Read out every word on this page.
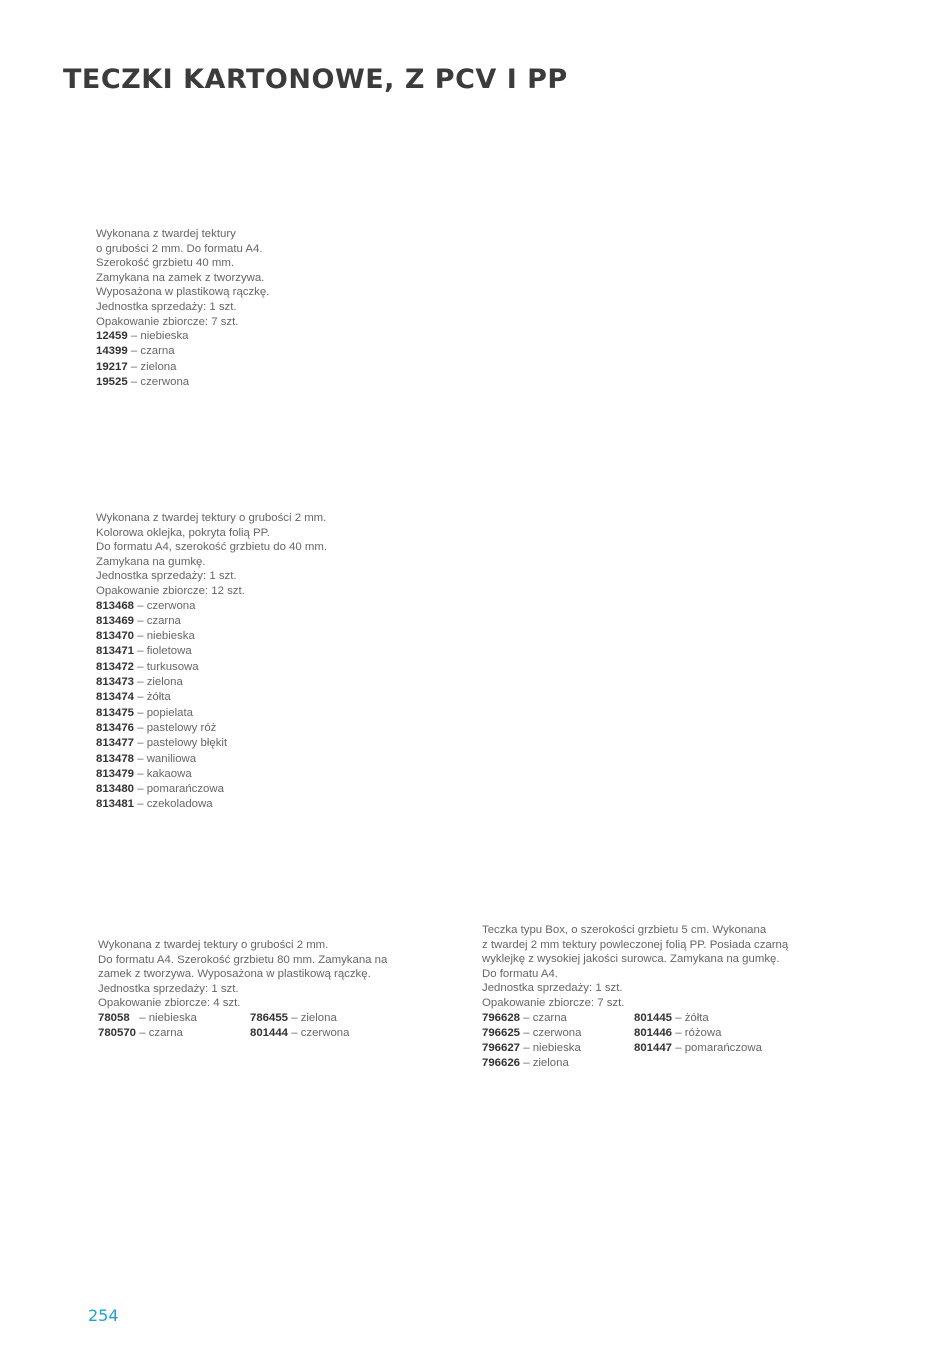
TECZKI KARTONOWE, Z PCV I PP
Wykonana z twardej tektury
o grubości 2 mm. Do formatu A4.
Szerokość grzbietu 40 mm.
Zamykana na zamek z tworzywa.
Wyposażona w plastikową rączkę.
Jednostka sprzedaży: 1 szt.
Opakowanie zbiorcze: 7 szt.
12459 – niebieska
14399 – czarna
19217 – zielona
19525 – czerwona
Wykonana z twardej tektury o grubości 2 mm.
Kolorowa oklejka, pokryta folią PP.
Do formatu A4, szerokość grzbietu do 40 mm.
Zamykana na gumkę.
Jednostka sprzedaży: 1 szt.
Opakowanie zbiorcze: 12 szt.
813468 – czerwona
813469 – czarna
813470 – niebieska
813471 – fioletowa
813472 – turkusowa
813473 – zielona
813474 – żółta
813475 – popielata
813476 – pastelowy róż
813477 – pastelowy błękit
813478 – waniliowa
813479 – kakaowa
813480 – pomarańczowa
813481 – czekoladowa
Wykonana z twardej tektury o grubości 2 mm.
Do formatu A4. Szerokość grzbietu 80 mm. Zamykana na
zamek z tworzywa. Wyposażona w plastikową rączkę.
Jednostka sprzedaży: 1 szt.
Opakowanie zbiorcze: 4 szt.
78058 – niebieska
780570 – czarna
786455 – zielona
801444 – czerwona
Teczka typu Box, o szerokości grzbietu 5 cm. Wykonana
z twardej 2 mm tektury powleczonej folią PP. Posiada czarną
wyklejkę z wysokiej jakości surowca. Zamykana na gumkę.
Do formatu A4.
Jednostka sprzedaży: 1 szt.
Opakowanie zbiorcze: 7 szt.
796628 – czarna
796625 – czerwona
796627 – niebieska
796626 – zielona
801445 – żółta
801446 – różowa
801447 – pomarańczowa
254
